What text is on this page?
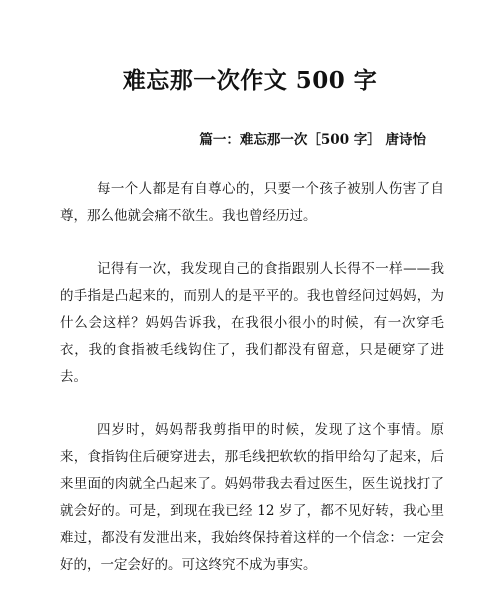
难忘那一次作文 500 字

篇一：难忘那一次［500 字］ 唐诗怡

每一个人都是有自尊心的，只要一个孩子被别人伤害了自尊，那么他就会痛不欲生。我也曾经历过。

记得有一次，我发现自己的食指跟别人长得不一样——我的手指是凸起来的，而别人的是平平的。我也曾经问过妈妈，为什么会这样？妈妈告诉我，在我很小很小的时候，有一次穿毛衣，我的食指被毛线钩住了，我们都没有留意，只是硬穿了进去。

四岁时，妈妈帮我剪指甲的时候，发现了这个事情。原来，食指钩住后硬穿进去，那毛线把软软的指甲给勾了起来，后来里面的肉就全凸起来了。妈妈带我去看过医生，医生说找打了就会好的。可是，到现在我已经 12 岁了，都不见好转，我心里难过，都没有发泄出来，我始终保持着这样的一个信念：一定会好的，一定会好的。可这终究不成为事实。
